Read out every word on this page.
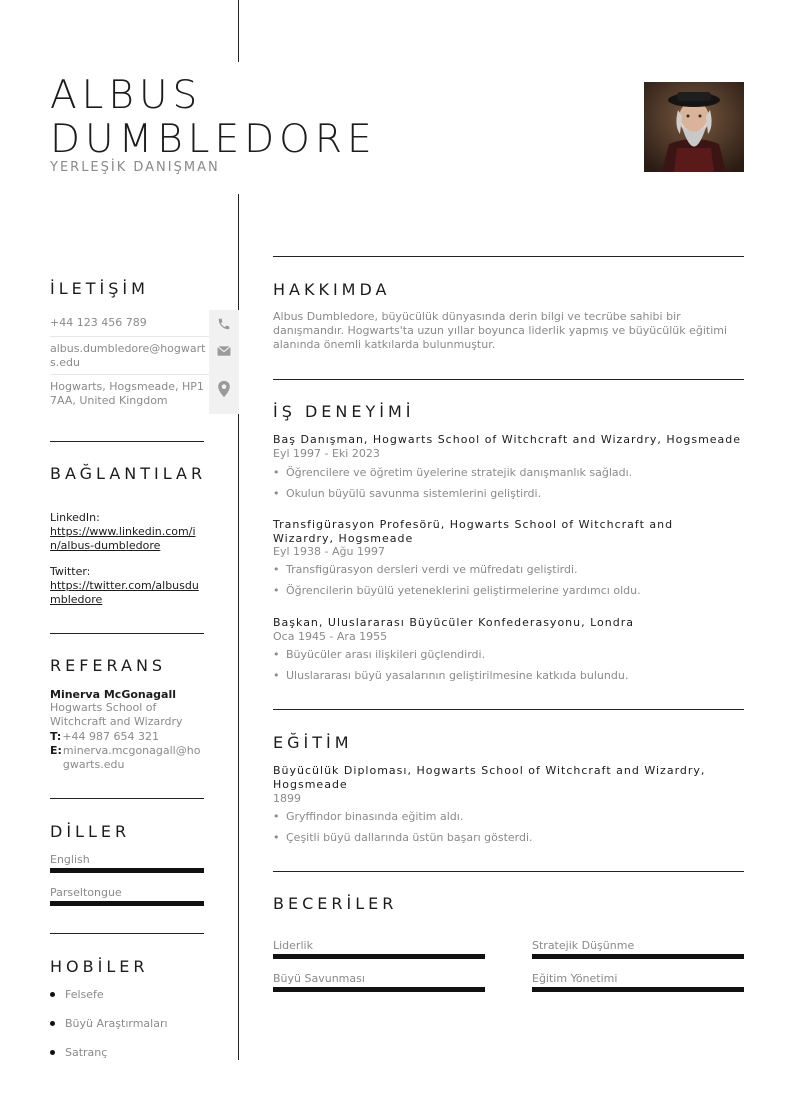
ALBUS
DUMBLEDORE
YERLEŞİK DANIŞMAN
İLETİŞİM
+44 123 456 789
albus.dumbledore@hogwarts.edu
Hogwarts, Hogsmeade, HP1 7AA, United Kingdom
BAĞLANTILAR
LinkedIn:
https://www.linkedin.com/in/albus-dumbledore
Twitter:
https://twitter.com/albusdumbledore
REFERANS
Minerva McGonagall
Hogwarts School of Witchcraft and Wizardry
T: +44 987 654 321
E: minerva.mcgonagall@hogwarts.edu
DİLLER
English
Parseltongue
HOBİLER
Felsefe
Büyü Araştırmaları
Satranç
HAKKIMDA
Albus Dumbledore, büyücülük dünyasında derin bilgi ve tecrübe sahibi bir danışmandır. Hogwarts'ta uzun yıllar boyunca liderlik yapmış ve büyücülük eğitimi alanında önemli katkılarda bulunmuştur.
İŞ DENEYİMİ
Baş Danışman, Hogwarts School of Witchcraft and Wizardry, Hogsmeade
Eyl 1997 - Eki 2023
• Öğrencilere ve öğretim üyelerine stratejik danışmanlık sağladı.
• Okulun büyülü savunma sistemlerini geliştirdi.
Transfigürasyon Profesörü, Hogwarts School of Witchcraft and Wizardry, Hogsmeade
Eyl 1938 - Ağu 1997
• Transfigürasyon dersleri verdi ve müfredatı geliştirdi.
• Öğrencilerin büyülü yeteneklerini geliştirmelerine yardımcı oldu.
Başkan, Uluslararası Büyücüler Konfederasyonu, Londra
Oca 1945 - Ara 1955
• Büyücüler arası ilişkileri güçlendirdi.
• Uluslararası büyü yasalarının geliştirilmesine katkıda bulundu.
EĞİTİM
Büyücülük Diploması, Hogwarts School of Witchcraft and Wizardry, Hogsmeade
1899
• Gryffindor binasında eğitim aldı.
• Çeşitli büyü dallarında üstün başarı gösterdi.
BECERİLER
Liderlik	Stratejik Düşünme
Büyü Savunması	Eğitim Yönetimi
